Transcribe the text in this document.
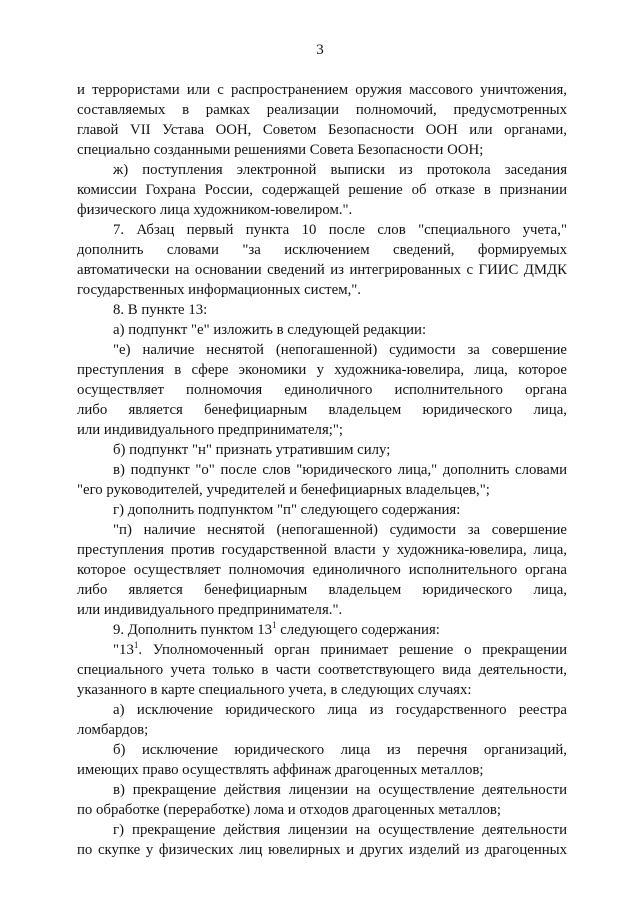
3
и террористами или с распространением оружия массового уничтожения,
составляемых в рамках реализации полномочий, предусмотренных
главой VII Устава ООН, Советом Безопасности ООН или органами,
специально созданными решениями Совета Безопасности ООН;
ж) поступления электронной выписки из протокола заседания
комиссии Гохрана России, содержащей решение об отказе в признании
физического лица художником-ювелиром.".
7. Абзац первый пункта 10 после слов "специального учета,"
дополнить словами "за исключением сведений, формируемых
автоматически на основании сведений из интегрированных с ГИИС ДМДК
государственных информационных систем,".
8. В пункте 13:
а) подпункт "е" изложить в следующей редакции:
"е) наличие неснятой (непогашенной) судимости за совершение
преступления в сфере экономики у художника-ювелира, лица, которое
осуществляет полномочия единоличного исполнительного органа
либо является бенефициарным владельцем юридического лица,
или индивидуального предпринимателя;";
б) подпункт "н" признать утратившим силу;
в) подпункт "о" после слов "юридического лица," дополнить словами
"его руководителей, учредителей и бенефициарных владельцев,";
г) дополнить подпунктом "п" следующего содержания:
"п) наличие неснятой (непогашенной) судимости за совершение
преступления против государственной власти у художника-ювелира, лица,
которое осуществляет полномочия единоличного исполнительного органа
либо является бенефициарным владельцем юридического лица,
или индивидуального предпринимателя.".
9. Дополнить пунктом $13^1$ следующего содержания:
"$13^1$. Уполномоченный орган принимает решение о прекращении
специального учета только в части соответствующего вида деятельности,
указанного в карте специального учета, в следующих случаях:
а) исключение юридического лица из государственного реестра
ломбардов;
б) исключение юридического лица из перечня организаций,
имеющих право осуществлять аффинаж драгоценных металлов;
в) прекращение действия лицензии на осуществление деятельности
по обработке (переработке) лома и отходов драгоценных металлов;
г) прекращение действия лицензии на осуществление деятельности
по скупке у физических лиц ювелирных и других изделий из драгоценных
